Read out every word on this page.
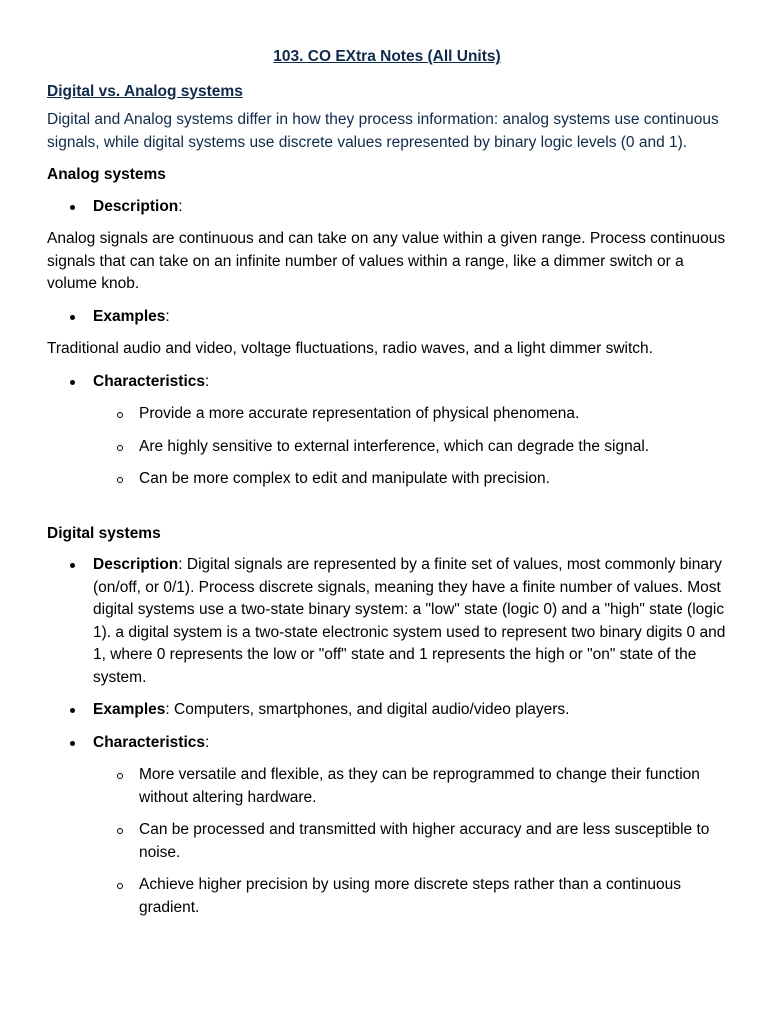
103. CO EXtra Notes (All Units)

Digital vs. Analog systems

Digital and Analog systems differ in how they process information: analog systems use continuous signals, while digital systems use discrete values represented by binary logic levels (0 and 1).

Analog systems

Description:

Analog signals are continuous and can take on any value within a given range. Process continuous signals that can take on an infinite number of values within a range, like a dimmer switch or a volume knob.

Examples:

Traditional audio and video, voltage fluctuations, radio waves, and a light dimmer switch.

Characteristics:
Provide a more accurate representation of physical phenomena.
Are highly sensitive to external interference, which can degrade the signal.
Can be more complex to edit and manipulate with precision.

Digital systems

Description: Digital signals are represented by a finite set of values, most commonly binary (on/off, or 0/1). Process discrete signals, meaning they have a finite number of values. Most digital systems use a two-state binary system: a "low" state (logic 0) and a "high" state (logic 1). a digital system is a two-state electronic system used to represent two binary digits 0 and 1, where 0 represents the low or "off" state and 1 represents the high or "on" state of the system.
Examples: Computers, smartphones, and digital audio/video players.
Characteristics:
More versatile and flexible, as they can be reprogrammed to change their function without altering hardware.
Can be processed and transmitted with higher accuracy and are less susceptible to noise.
Achieve higher precision by using more discrete steps rather than a continuous gradient.
